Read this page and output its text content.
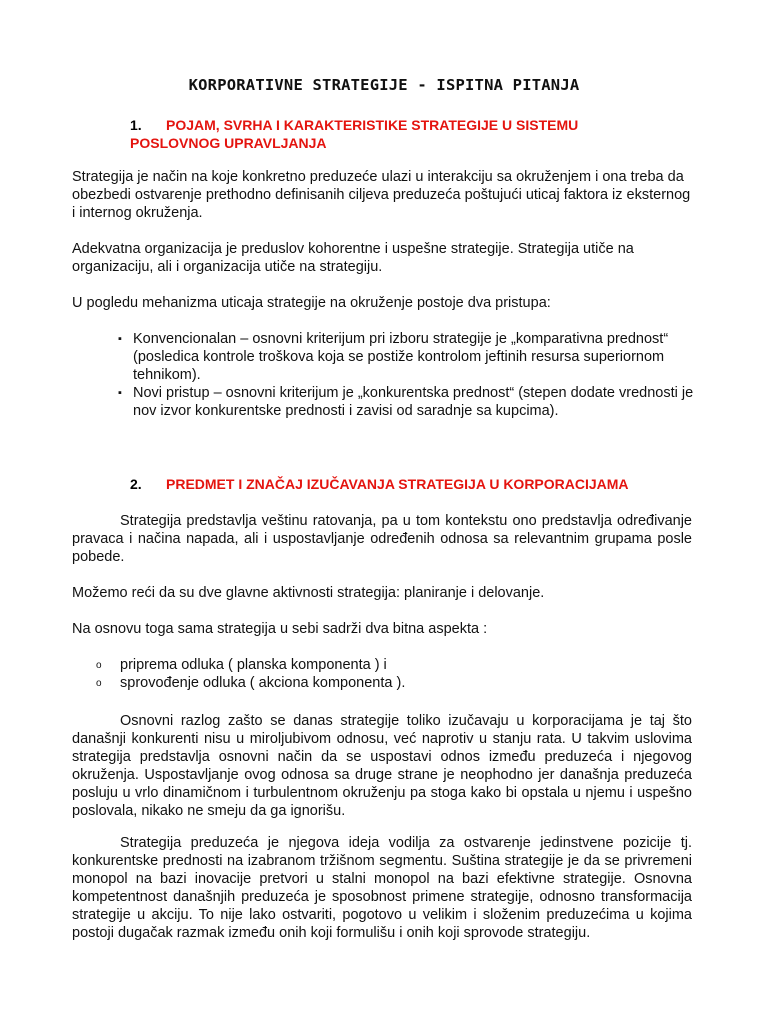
KORPORATIVNE STRATEGIJE - ISPITNA PITANJA
1. POJAM, SVRHA I KARAKTERISTIKE STRATEGIJE U SISTEMU
POSLOVNOG UPRAVLJANJA

Strategija je način na koje konkretno preduzeće ulazi u interakciju sa okruženjem i ona treba da obezbedi ostvarenje prethodno definisanih ciljeva preduzeća poštujući uticaj faktora iz eksternog i internog okruženja.

Adekvatna organizacija je preduslov kohorentne i uspešne strategije. Strategija utiče na organizaciju, ali i organizacija utiče na strategiju.

U pogledu mehanizma uticaja strategije na okruženje postoje dva pristupa:

▪ Konvencionalan – osnovni kriterijum pri izboru strategije je „komparativna prednost“ (posledica kontrole troškova koja se postiže kontrolom jeftinih resursa superiornom tehnikom).
▪ Novi pristup – osnovni kriterijum je „konkurentska prednost“ (stepen dodate vrednosti je nov izvor konkurentske prednosti i zavisi od saradnje sa kupcima).
2. PREDMET I ZNAČAJ IZUČAVANJA STRATEGIJA U KORPORACIJAMA

Strategija predstavlja veštinu ratovanja, pa u tom kontekstu ono predstavlja određivanje pravaca i načina napada, ali i uspostavljanje određenih odnosa sa relevantnim grupama posle pobede.

Možemo reći da su dve glavne aktivnosti strategija: planiranje i delovanje.

Na osnovu toga sama strategija u sebi sadrži dva bitna aspekta :

o priprema odluka ( planska komponenta ) i
o sprovođenje odluka ( akciona komponenta ).

Osnovni razlog zašto se danas strategije toliko izučavaju u korporacijama je taj što današnji konkurenti nisu u miroljubivom odnosu, već naprotiv u stanju rata. U takvim uslovima strategija predstavlja osnovni način da se uspostavi odnos između preduzeća i njegovog okruženja. Uspostavljanje ovog odnosa sa druge strane je neophodno jer današnja preduzeća posluju u vrlo dinamičnom i turbulentnom okruženju pa stoga kako bi opstala u njemu i uspešno poslovala, nikako ne smeju da ga ignorišu.

Strategija preduzeća je njegova ideja vodilja za ostvarenje jedinstvene pozicije tj. konkurentske prednosti na izabranom tržišnom segmentu. Suština strategije je da se privremeni monopol na bazi inovacije pretvori u stalni monopol na bazi efektivne strategije. Osnovna kompetentnost današnjih preduzeća je sposobnost primene strategije, odnosno transformacija strategije u akciju. To nije lako ostvariti, pogotovo u velikim i složenim preduzećima u kojima postoji dugačak razmak između onih koji formulišu i onih koji sprovode strategiju.
